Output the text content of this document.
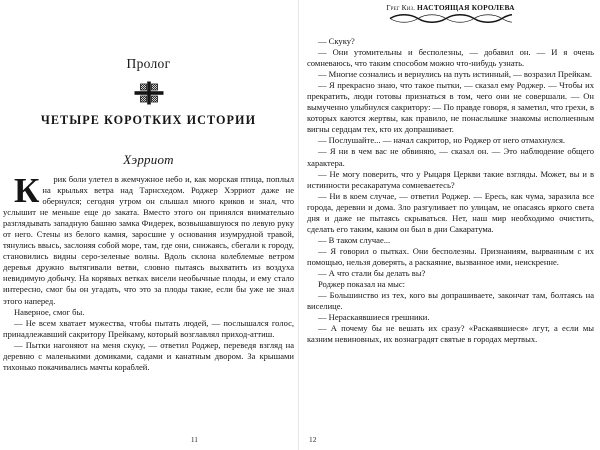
Пролог
ЧЕТЫРЕ КОРОТКИХ ИСТОРИИ
Хэрриот

К рик боли улетел в жемчужное небо и, как морская птица, поплыл на крыльях ветра над Тарнсхедом. Роджер Хэрриот даже не обернулся; сегодня утром он слышал много криков и знал, что услышит не меньше еще до заката. Вместо этого он принялся внимательно разглядывать западную башню замка Фидерек, возвышавшуюся по левую руку от него. Стены из белого камня, заросшие у основания изумрудной травой, тянулись ввысь, заслоняя собой море, там, где они, снижаясь, сбегали к городу, становились видны серо-зеленые волны. Вдоль склона колеблемые ветром деревья дружно вытягивали ветви, словно пытаясь выхватить из воздуха невидимую добычу. На корявых ветках висели необычные плоды, и ему стало интересно, смог бы он угадать, что это за плоды такие, если бы уже не знал этого наперед.

Наверное, смог бы.

— Не всем хватает мужества, чтобы пытать людей, — послышался голос, принадлежавший сакритору Прейкаму, который возглавлял приход-аттиш.

— Пытки нагоняют на меня скуку, — ответил Роджер, переведя взгляд на деревню с маленькими домиками, садами и канатным двором. За крышами тихонько покачивались мачты кораблей.

11
Грег Киз. НАСТОЯЩАЯ КОРОЛЕВА

— Скуку?

— Они утомительны и бесполезны, — добавил он. — И я очень сомневаюсь, что таким способом можно что-нибудь узнать.

— Многие сознались и вернулись на путь истинный, — возразил Прейкам.

— Я прекрасно знаю, что такое пытки, — сказал ему Роджер. — Чтобы их прекратить, люди готовы признаться в том, чего они не совершали. — Он вымученно улыбнулся сакритору: — По правде говоря, я заметил, что грехи, в которых каются жертвы, как правило, не понаслышке знакомы исполненным вигны сердцам тех, кто их допрашивает.

— Послушайте... — начал сакритор, но Роджер от него отмахнулся.

— Я ни в чем вас не обвиняю, — сказал он. — Это наблюдение общего характера.

— Не могу поверить, что у Рыцаря Церкви такие взгляды. Может, вы и в истинности ресакаратума сомневаетесь?

— Ни в коем случае, — ответил Роджер. — Ересь, как чума, заразила все города, деревни и дома. Зло разгуливает по улицам, не опасаясь яркого света дня и даже не пытаясь скрываться. Нет, наш мир необходимо очистить, сделать его таким, каким он был в дни Сакаратума.

— В таком случае...

— Я говорил о пытках. Они бесполезны. Признаниям, вырванным с их помощью, нельзя доверять, а раскаяние, вызванное ими, неискренне.

— А что стали бы делать вы?

Роджер показал на мыс:

— Большинство из тех, кого вы допрашиваете, закончат там, болтаясь на виселице.

— Нераскаявшиеся грешники.

— А почему бы не вешать их сразу? «Раскаявшиеся» лгут, а если мы казним невиновных, их вознаградят святые в городах мертвых.

12
